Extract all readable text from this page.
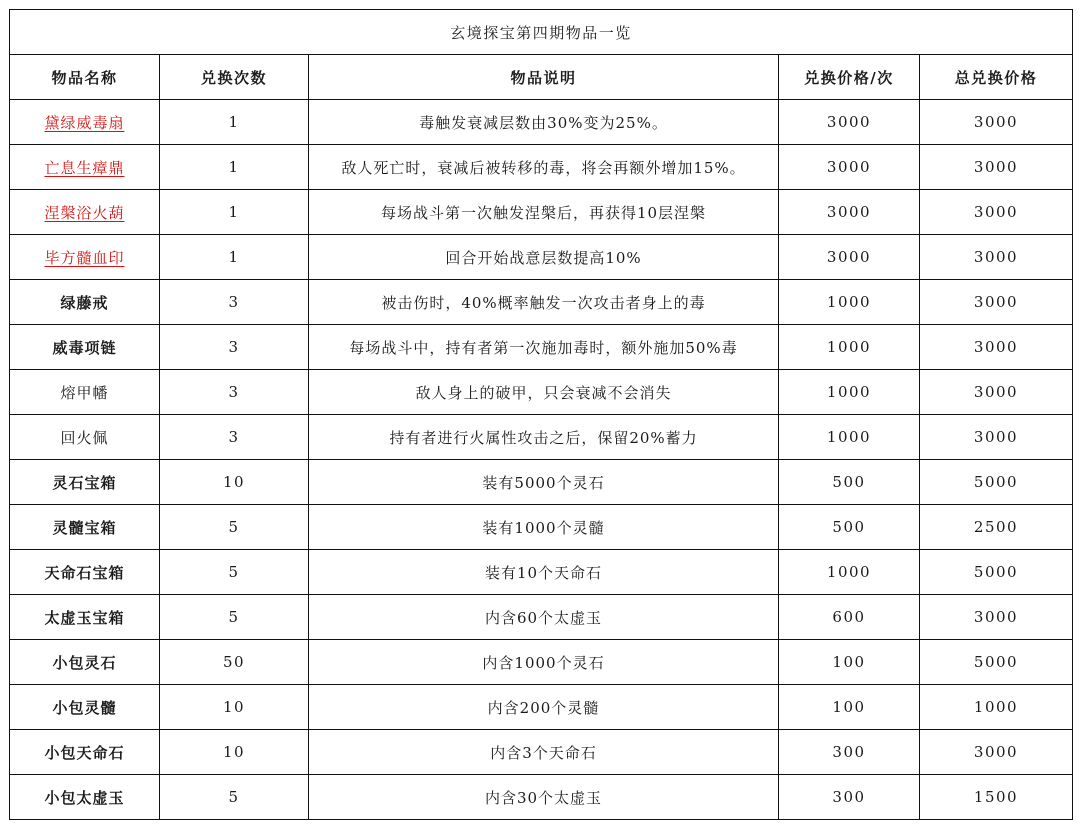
玄境探宝第四期物品一览				
物品名称	兑换次数	物品说明	兑换价格/次	总兑换价格
黛绿威毒扇	1	毒触发衰减层数由30%变为25%。	3000	3000
亡息生瘴鼎	1	敌人死亡时，衰减后被转移的毒，将会再额外增加15%。	3000	3000
涅槃浴火葫	1	每场战斗第一次触发涅槃后，再获得10层涅槃	3000	3000
毕方髓血印	1	回合开始战意层数提高10%	3000	3000
绿藤戒	3	被击伤时，40%概率触发一次攻击者身上的毒	1000	3000
威毒项链	3	每场战斗中，持有者第一次施加毒时，额外施加50%毒	1000	3000
熔甲幡	3	敌人身上的破甲，只会衰减不会消失	1000	3000
回火佩	3	持有者进行火属性攻击之后，保留20%蓄力	1000	3000
灵石宝箱	10	装有5000个灵石	500	5000
灵髓宝箱	5	装有1000个灵髓	500	2500
天命石宝箱	5	装有10个天命石	1000	5000
太虚玉宝箱	5	内含60个太虚玉	600	3000
小包灵石	50	内含1000个灵石	100	5000
小包灵髓	10	内含200个灵髓	100	1000
小包天命石	10	内含3个天命石	300	3000
小包太虚玉	5	内含30个太虚玉	300	1500
